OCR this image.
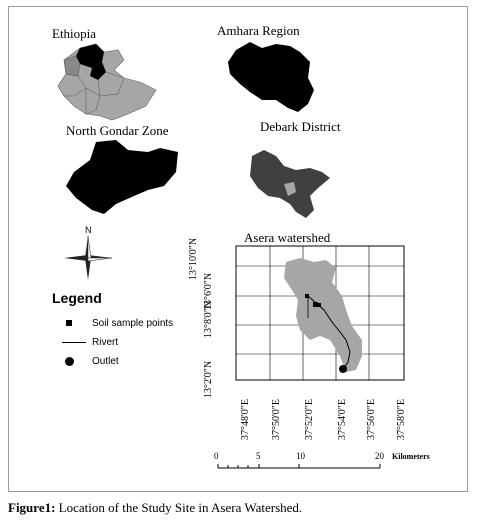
Ethiopia	Amhara Region
North Gondar Zone	Debark District
Asera watershed
N
Legend
Soil sample points
Rivert
Outlet
13°10'0"N
13°8'0"N
13°6'0"N
13°2'0"N
37°48'0"E 37°50'0"E 37°52'0"E 37°54'0"E 37°56'0"E 37°58'0"E
0	5	10	20 Kilometers
Figure1: Location of the Study Site in Asera Watershed.
